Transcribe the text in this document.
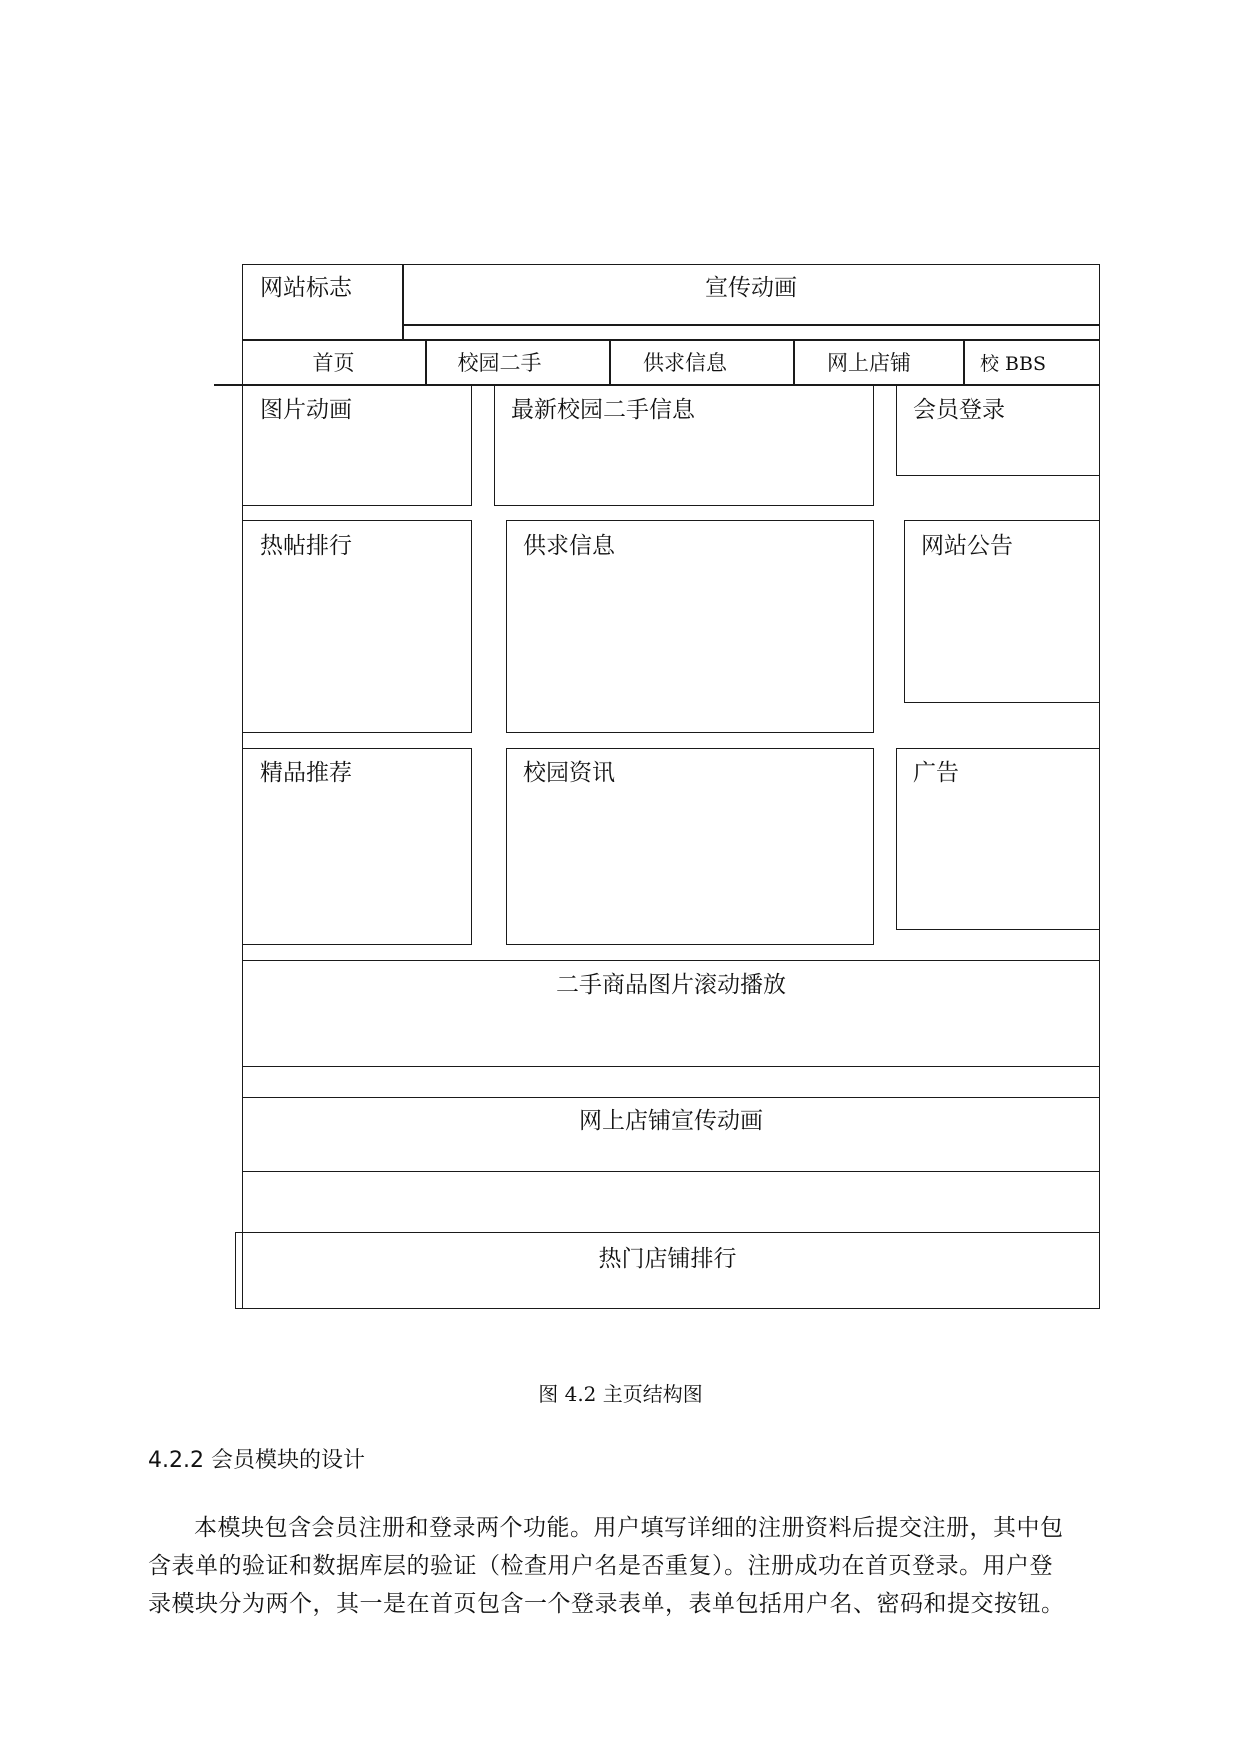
网站标志	宣传动画
首页	校园二手	供求信息	网上店铺	校 BBS
图片动画	最新校园二手信息	会员登录
热帖排行	供求信息	网站公告
精品推荐	校园资讯	广告
二手商品图片滚动播放
网上店铺宣传动画
热门店铺排行
图 4.2 主页结构图
4.2.2 会员模块的设计
本模块包含会员注册和登录两个功能。用户填写详细的注册资料后提交注册，其中包
含表单的验证和数据库层的验证（检查用户名是否重复）。注册成功在首页登录。用户登
录模块分为两个，其一是在首页包含一个登录表单，表单包括用户名、密码和提交按钮。
